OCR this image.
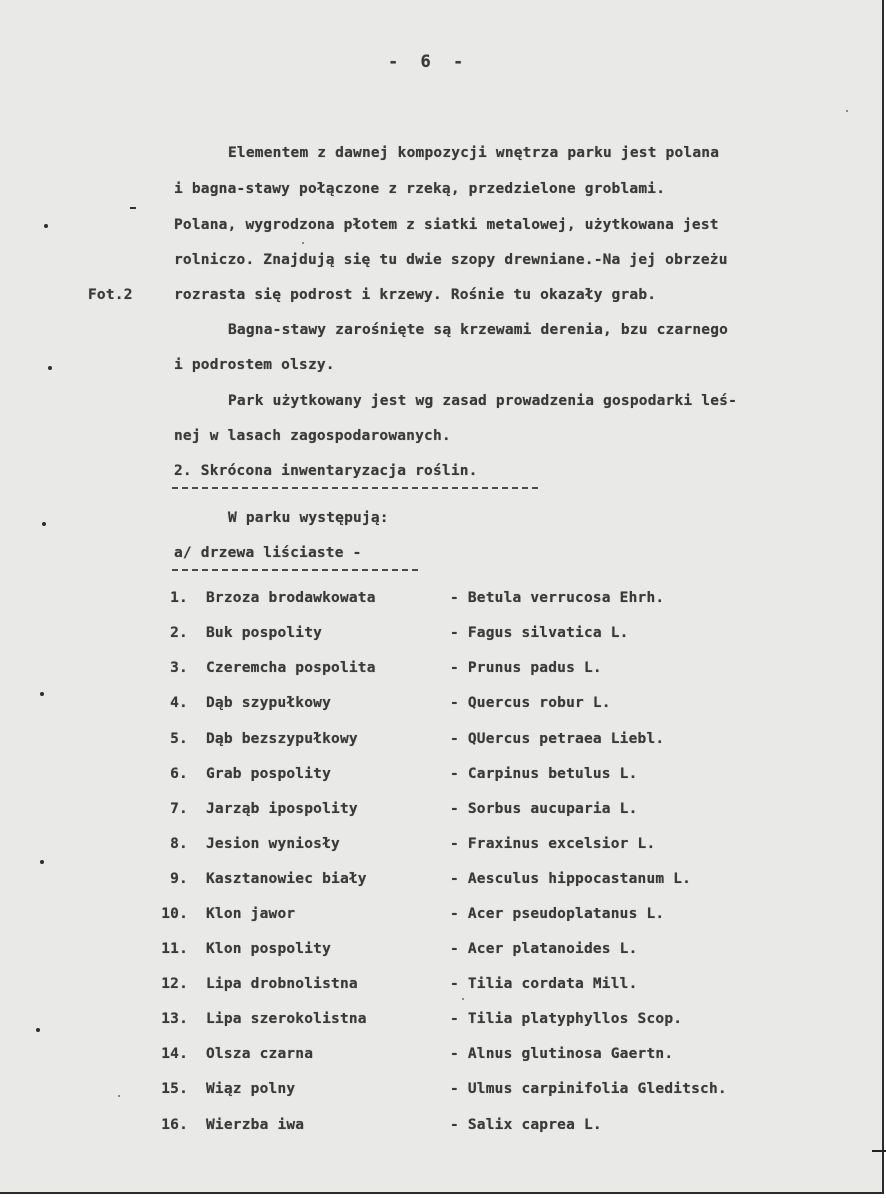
- 6 -
Elementem z dawnej kompozycji wnętrza parku jest polana
i bagna-stawy połączone z rzeką, przedzielone groblami.
Polana, wygrodzona płotem z siatki metalowej, użytkowana jest
rolniczo. Znajdują się tu dwie szopy drewniane.-Na jej obrzeżu
Fot.2	rozrasta się podrost i krzewy. Rośnie tu okazały grab.
Bagna-stawy zarośnięte są krzewami derenia, bzu czarnego
i podrostem olszy.
Park użytkowany jest wg zasad prowadzenia gospodarki leś-
nej w lasach zagospodarowanych.
2. Skrócona inwentaryzacja roślin.
W parku występują:
a/ drzewa liściaste -
1. Brzoza brodawkowata	- Betula verrucosa Ehrh.
2. Buk pospolity	- Fagus silvatica L.
3. Czeremcha pospolita	- Prunus padus L.
4. Dąb szypułkowy	- Quercus robur L.
5. Dąb bezszypułkowy	- QUercus petraea Liebl.
6. Grab pospolity	- Carpinus betulus L.
7. Jarząb ipospolity	- Sorbus aucuparia L.
8. Jesion wyniosły	- Fraxinus excelsior L.
9. Kasztanowiec biały	- Aesculus hippocastanum L.
10. Klon jawor	- Acer pseudoplatanus L.
11. Klon pospolity	- Acer platanoides L.
12. Lipa drobnolistna	- Tilia cordata Mill.
13. Lipa szerokolistna	- Tilia platyphyllos Scop.
14. Olsza czarna	- Alnus glutinosa Gaertn.
15. Wiąz polny	- Ulmus carpinifolia Gleditsch.
16. Wierzba iwa	- Salix caprea L.
